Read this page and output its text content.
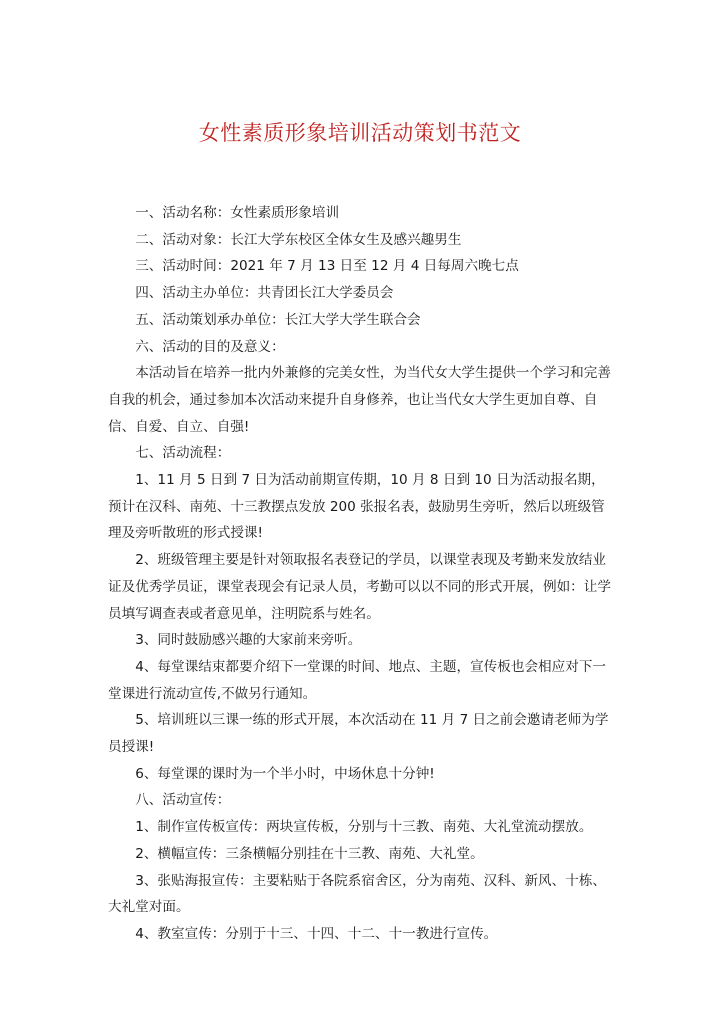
女性素质形象培训活动策划书范文

一、活动名称：女性素质形象培训

二、活动对象：长江大学东校区全体女生及感兴趣男生

三、活动时间：2021 年 7 月 13 日至 12 月 4 日每周六晚七点

四、活动主办单位：共青团长江大学委员会

五、活动策划承办单位：长江大学大学生联合会

六、活动的目的及意义：

本活动旨在培养一批内外兼修的完美女性，为当代女大学生提供一个学习和完善自我的机会，通过参加本次活动来提升自身修养，也让当代女大学生更加自尊、自信、自爱、自立、自强!

七、活动流程：

1、11 月 5 日到 7 日为活动前期宣传期，10 月 8 日到 10 日为活动报名期，预计在汉科、南苑、十三教摆点发放 200 张报名表，鼓励男生旁听，然后以班级管理及旁听散班的形式授课!

2、班级管理主要是针对领取报名表登记的学员，以课堂表现及考勤来发放结业证及优秀学员证，课堂表现会有记录人员，考勤可以以不同的形式开展，例如：让学员填写调查表或者意见单，注明院系与姓名。

3、同时鼓励感兴趣的大家前来旁听。

4、每堂课结束都要介绍下一堂课的时间、地点、主题，宣传板也会相应对下一堂课进行流动宣传,不做另行通知。

5、培训班以三课一练的形式开展，本次活动在 11 月 7 日之前会邀请老师为学员授课!

6、每堂课的课时为一个半小时，中场休息十分钟!

八、活动宣传：

1、制作宣传板宣传：两块宣传板，分别与十三教、南苑、大礼堂流动摆放。

2、横幅宣传：三条横幅分别挂在十三教、南苑、大礼堂。

3、张贴海报宣传：主要粘贴于各院系宿舍区，分为南苑、汉科、新风、十栋、大礼堂对面。

4、教室宣传：分别于十三、十四、十二、十一教进行宣传。
